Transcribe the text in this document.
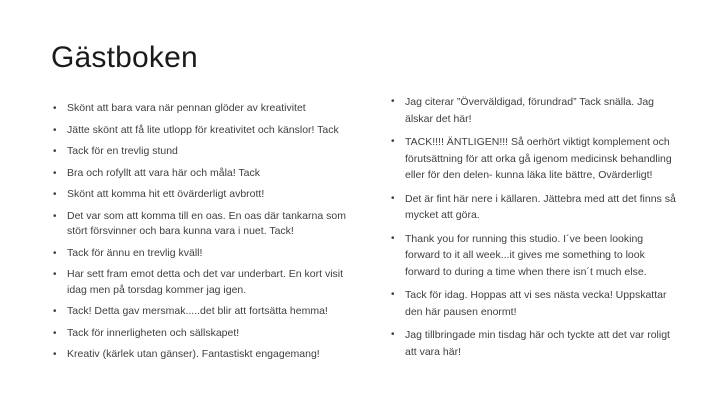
Gästboken
• Skönt att bara vara när pennan glöder av kreativitet
• Jätte skönt att få lite utlopp för kreativitet och känslor! Tack
• Tack för en trevlig stund
• Bra och rofyllt att vara här och måla! Tack
• Skönt att komma hit ett övärderligt avbrott!
• Det var som att komma till en oas. En oas där tankarna som stört försvinner och bara kunna vara i nuet. Tack!
• Tack för ännu en trevlig kväll!
• Har sett fram emot detta och det var underbart. En kort visit idag men på torsdag kommer jag igen.
• Tack! Detta gav mersmak.....det blir att fortsätta hemma!
• Tack för innerligheten och sällskapet!
• Kreativ (kärlek utan gänser). Fantastiskt engagemang!
• Jag citerar ”Överväldigad, förundrad” Tack snälla. Jag älskar det här!
• TACK!!!! ÄNTLIGEN!!! Så oerhört viktigt komplement och förutsättning för att orka gå igenom medicinsk behandling eller för den delen- kunna läka lite bättre, Ovärderligt!
• Det är fint här nere i källaren. Jättebra med att det finns så mycket att göra.
• Thank you for running this studio. I´ve been looking forward to it all week...it gives me something to look forward to during a time when there isn´t much else.
• Tack för idag. Hoppas att vi ses nästa vecka! Uppskattar den här pausen enormt!
• Jag tillbringade min tisdag här och tyckte att det var roligt att vara här!
